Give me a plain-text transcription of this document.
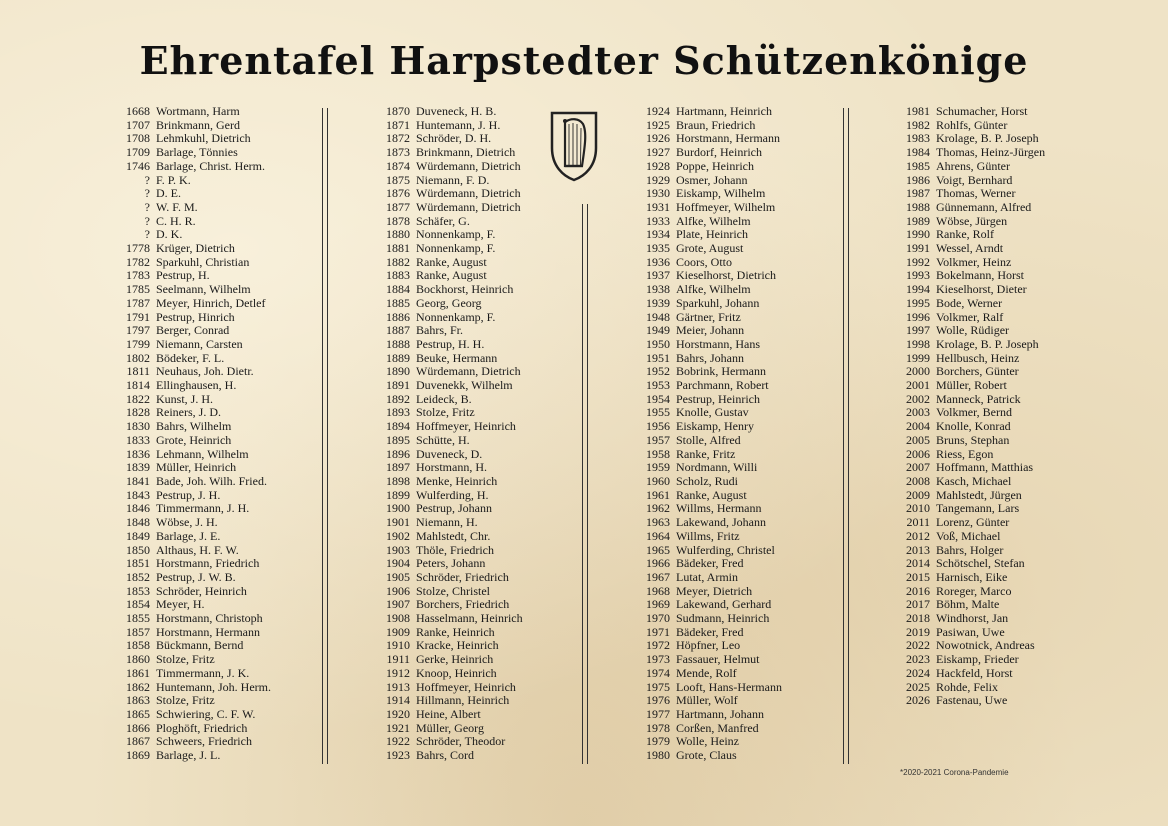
Ehrentafel Harpstedter Schützenkönige
1668 Wortmann, Harm
1707 Brinkmann, Gerd
1708 Lehmkuhl, Dietrich
1709 Barlage, Tönnies
1746 Barlage, Christ. Herm.
? F. P. K.
? D. E.
? W. F. M.
? C. H. R.
? D. K.
1778 Krüger, Dietrich
1782 Sparkuhl, Christian
1783 Pestrup, H.
1785 Seelmann, Wilhelm
1787 Meyer, Hinrich, Detlef
1791 Pestrup, Hinrich
1797 Berger, Conrad
1799 Niemann, Carsten
1802 Bödeker, F. L.
1811 Neuhaus, Joh. Dietr.
1814 Ellinghausen, H.
1822 Kunst, J. H.
1828 Reiners, J. D.
1830 Bahrs, Wilhelm
1833 Grote, Heinrich
1836 Lehmann, Wilhelm
1839 Müller, Heinrich
1841 Bade, Joh. Wilh. Fried.
1843 Pestrup, J. H.
1846 Timmermann, J. H.
1848 Wöbse, J. H.
1849 Barlage, J. E.
1850 Althaus, H. F. W.
1851 Horstmann, Friedrich
1852 Pestrup, J. W. B.
1853 Schröder, Heinrich
1854 Meyer, H.
1855 Horstmann, Christoph
1857 Horstmann, Hermann
1858 Bückmann, Bernd
1860 Stolze, Fritz
1861 Timmermann, J. K.
1862 Huntemann, Joh. Herm.
1863 Stolze, Fritz
1865 Schwiering, C. F. W.
1866 Ploghöft, Friedrich
1867 Schweers, Friedrich
1869 Barlage, J. L.
1870 Duveneck, H. B.
1871 Huntemann, J. H.
1872 Schröder, D. H.
1873 Brinkmann, Dietrich
1874 Würdemann, Dietrich
1875 Niemann, F. D.
1876 Würdemann, Dietrich
1877 Würdemann, Dietrich
1878 Schäfer, G.
1880 Nonnenkamp, F.
1881 Nonnenkamp, F.
1882 Ranke, August
1883 Ranke, August
1884 Bockhorst, Heinrich
1885 Georg, Georg
1886 Nonnenkamp, F.
1887 Bahrs, Fr.
1888 Pestrup, H. H.
1889 Beuke, Hermann
1890 Würdemann, Dietrich
1891 Duvenekk, Wilhelm
1892 Leideck, B.
1893 Stolze, Fritz
1894 Hoffmeyer, Heinrich
1895 Schütte, H.
1896 Duveneck, D.
1897 Horstmann, H.
1898 Menke, Heinrich
1899 Wulferding, H.
1900 Pestrup, Johann
1901 Niemann, H.
1902 Mahlstedt, Chr.
1903 Thöle, Friedrich
1904 Peters, Johann
1905 Schröder, Friedrich
1906 Stolze, Christel
1907 Borchers, Friedrich
1908 Hasselmann, Heinrich
1909 Ranke, Heinrich
1910 Kracke, Heinrich
1911 Gerke, Heinrich
1912 Knoop, Heinrich
1913 Hoffmeyer, Heinrich
1914 Hillmann, Heinrich
1920 Heine, Albert
1921 Müller, Georg
1922 Schröder, Theodor
1923 Bahrs, Cord
1924 Hartmann, Heinrich
1925 Braun, Friedrich
1926 Horstmann, Hermann
1927 Burdorf, Heinrich
1928 Poppe, Heinrich
1929 Osmer, Johann
1930 Eiskamp, Wilhelm
1931 Hoffmeyer, Wilhelm
1933 Alfke, Wilhelm
1934 Plate, Heinrich
1935 Grote, August
1936 Coors, Otto
1937 Kieselhorst, Dietrich
1938 Alfke, Wilhelm
1939 Sparkuhl, Johann
1948 Gärtner, Fritz
1949 Meier, Johann
1950 Horstmann, Hans
1951 Bahrs, Johann
1952 Bobrink, Hermann
1953 Parchmann, Robert
1954 Pestrup, Heinrich
1955 Knolle, Gustav
1956 Eiskamp, Henry
1957 Stolle, Alfred
1958 Ranke, Fritz
1959 Nordmann, Willi
1960 Scholz, Rudi
1961 Ranke, August
1962 Willms, Hermann
1963 Lakewand, Johann
1964 Willms, Fritz
1965 Wulferding, Christel
1966 Bädeker, Fred
1967 Lutat, Armin
1968 Meyer, Dietrich
1969 Lakewand, Gerhard
1970 Sudmann, Heinrich
1971 Bädeker, Fred
1972 Höpfner, Leo
1973 Fassauer, Helmut
1974 Mende, Rolf
1975 Looft, Hans-Hermann
1976 Müller, Wolf
1977 Hartmann, Johann
1978 Corßen, Manfred
1979 Wolle, Heinz
1980 Grote, Claus
1981 Schumacher, Horst
1982 Rohlfs, Günter
1983 Krolage, B. P. Joseph
1984 Thomas, Heinz-Jürgen
1985 Ahrens, Günter
1986 Voigt, Bernhard
1987 Thomas, Werner
1988 Günnemann, Alfred
1989 Wöbse, Jürgen
1990 Ranke, Rolf
1991 Wessel, Arndt
1992 Volkmer, Heinz
1993 Bokelmann, Horst
1994 Kieselhorst, Dieter
1995 Bode, Werner
1996 Volkmer, Ralf
1997 Wolle, Rüdiger
1998 Krolage, B. P. Joseph
1999 Hellbusch, Heinz
2000 Borchers, Günter
2001 Müller, Robert
2002 Manneck, Patrick
2003 Volkmer, Bernd
2004 Knolle, Konrad
2005 Bruns, Stephan
2006 Riess, Egon
2007 Hoffmann, Matthias
2008 Kasch, Michael
2009 Mahlstedt, Jürgen
2010 Tangemann, Lars
2011 Lorenz, Günter
2012 Voß, Michael
2013 Bahrs, Holger
2014 Schötschel, Stefan
2015 Harnisch, Eike
2016 Roreger, Marco
2017 Böhm, Malte
2018 Windhorst, Jan
2019 Pasiwan, Uwe
2022 Nowotnick, Andreas
2023 Eiskamp, Frieder
2024 Hackfeld, Horst
2025 Rohde, Felix
2026 Fastenau, Uwe
*2020-2021 Corona-Pandemie
